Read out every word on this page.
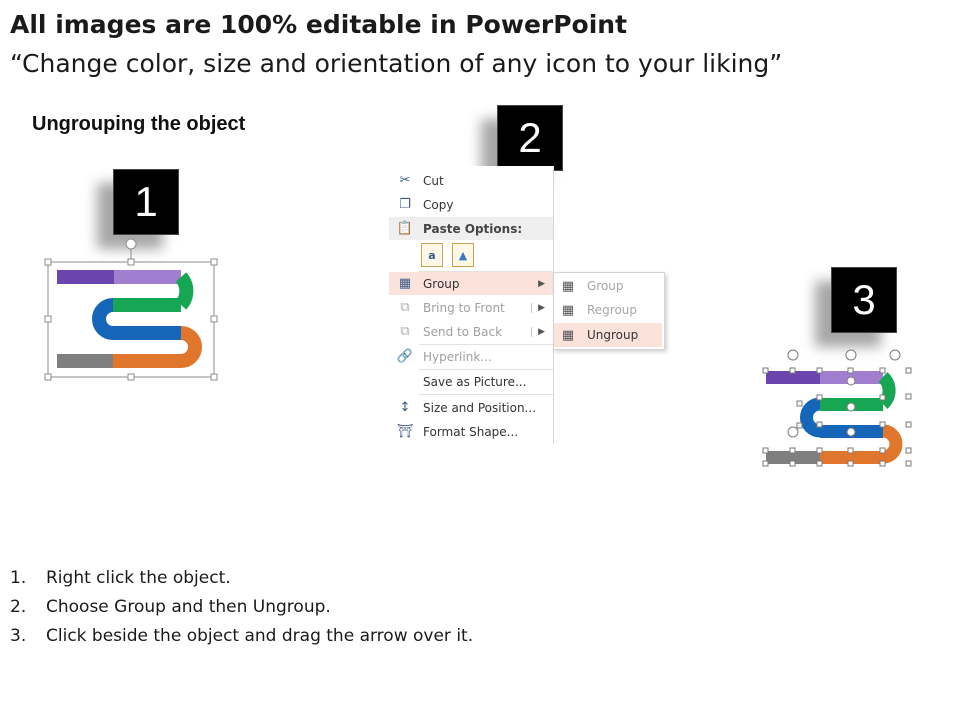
All images are 100% editable in PowerPoint
“Change color, size and orientation of any icon to your liking”
Ungrouping the object
1
2
3
✂	Cut
❐	Copy
📋 Paste Options:
a	▲
▦ Group	▶
⧉	Bring to Front	▶
⧉	Send to Back	▶
🔗 Hyperlink...
Save as Picture...
↕	Size and Position...
⛩ Format Shape...
▦	Group
▦	Regroup
▦	Ungroup
1. Right click the object.
2. Choose Group and then Ungroup.
3. Click beside the object and drag the arrow over it.
